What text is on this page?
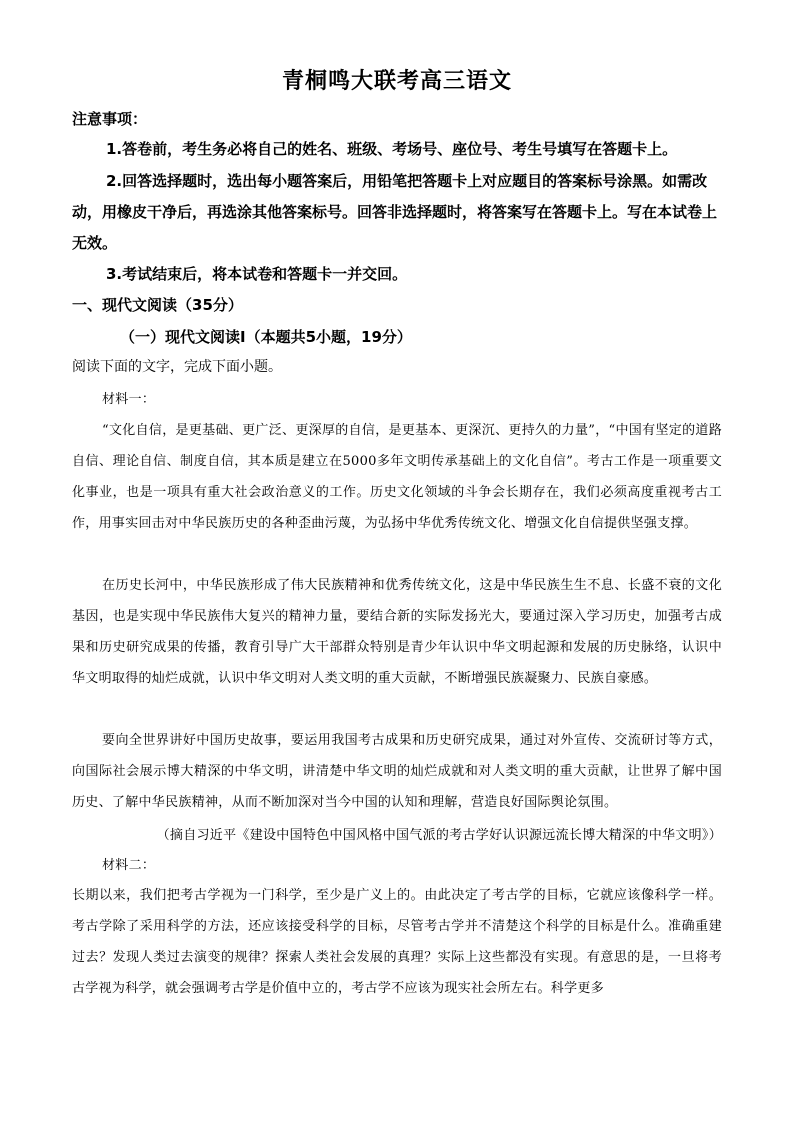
青桐鸣大联考高三语文
注意事项：

1.答卷前，考生务必将自己的姓名、班级、考场号、座位号、考生号填写在答题卡上。

2.回答选择题时，选出每小题答案后，用铅笔把答题卡上对应题目的答案标号涂黑。如需改动，用橡皮干净后，再选涂其他答案标号。回答非选择题时，将答案写在答题卡上。写在本试卷上无效。

3.考试结束后，将本试卷和答题卡一并交回。

一、现代文阅读（35分）
（一）现代文阅读Ⅰ（本题共5小题，19分）
阅读下面的文字，完成下面小题。
材料一：

“文化自信，是更基础、更广泛、更深厚的自信，是更基本、更深沉、更持久的力量”，“中国有坚定的道路自信、理论自信、制度自信，其本质是建立在5000多年文明传承基础上的文化自信”。考古工作是一项重要文化事业，也是一项具有重大社会政治意义的工作。历史文化领域的斗争会长期存在，我们必须高度重视考古工作，用事实回击对中华民族历史的各种歪曲污蔑，为弘扬中华优秀传统文化、增强文化自信提供坚强支撑。

在历史长河中，中华民族形成了伟大民族精神和优秀传统文化，这是中华民族生生不息、长盛不衰的文化基因，也是实现中华民族伟大复兴的精神力量，要结合新的实际发扬光大，要通过深入学习历史，加强考古成果和历史研究成果的传播，教育引导广大干部群众特别是青少年认识中华文明起源和发展的历史脉络，认识中华文明取得的灿烂成就，认识中华文明对人类文明的重大贡献，不断增强民族凝聚力、民族自豪感。

要向全世界讲好中国历史故事，要运用我国考古成果和历史研究成果，通过对外宣传、交流研讨等方式，向国际社会展示博大精深的中华文明，讲清楚中华文明的灿烂成就和对人类文明的重大贡献，让世界了解中国历史、了解中华民族精神，从而不断加深对当今中国的认知和理解，营造良好国际舆论氛围。

（摘自习近平《建设中国特色中国风格中国气派的考古学好认识源远流长博大精深的中华文明》）
材料二：

长期以来，我们把考古学视为一门科学，至少是广义上的。由此决定了考古学的目标，它就应该像科学一样。考古学除了采用科学的方法，还应该接受科学的目标，尽管考古学并不清楚这个科学的目标是什么。准确重建过去？发现人类过去演变的规律？探索人类社会发展的真理？实际上这些都没有实现。有意思的是，一旦将考古学视为科学，就会强调考古学是价值中立的，考古学不应该为现实社会所左右。科学更多
